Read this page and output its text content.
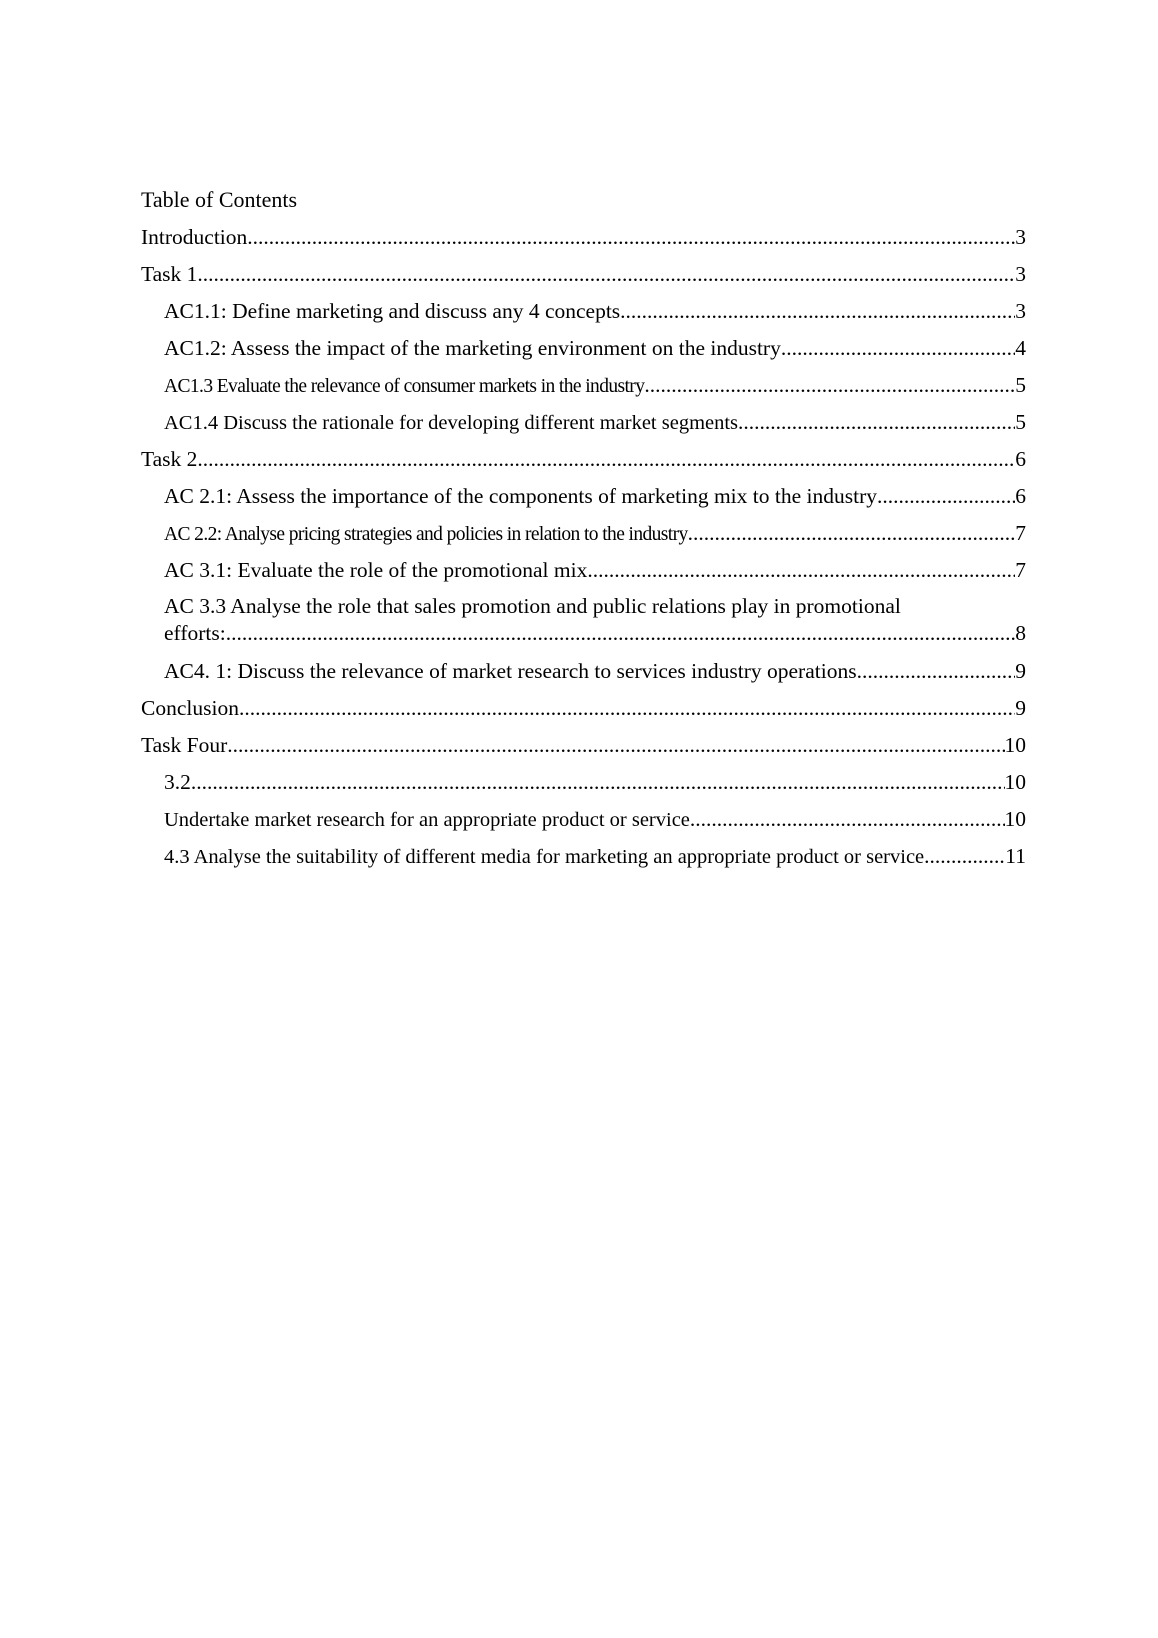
Table of Contents
Introduction .....	3
Task 1 .....	3
AC1.1: Define marketing and discuss any 4 concepts .....	3
AC1.2: Assess the impact of the marketing environment on the industry .....	4
AC1.3 Evaluate the relevance of consumer markets in the industry .....	5
AC1.4 Discuss the rationale for developing different market segments .....	5
Task 2 .....	6
AC 2.1: Assess the importance of the components of marketing mix to the industry .....	6
AC 2.2: Analyse pricing strategies and policies in relation to the industry .....	7
AC 3.1: Evaluate the role of the promotional mix .....	7
AC 3.3 Analyse the role that sales promotion and public relations play in promotional
efforts: .....	8
AC4. 1: Discuss the relevance of market research to services industry operations .....	9
Conclusion .....	9
Task Four .....	10
3.2 .....	10
Undertake market research for an appropriate product or service .....	10
4.3 Analyse the suitability of different media for marketing an appropriate product or service .....	11
